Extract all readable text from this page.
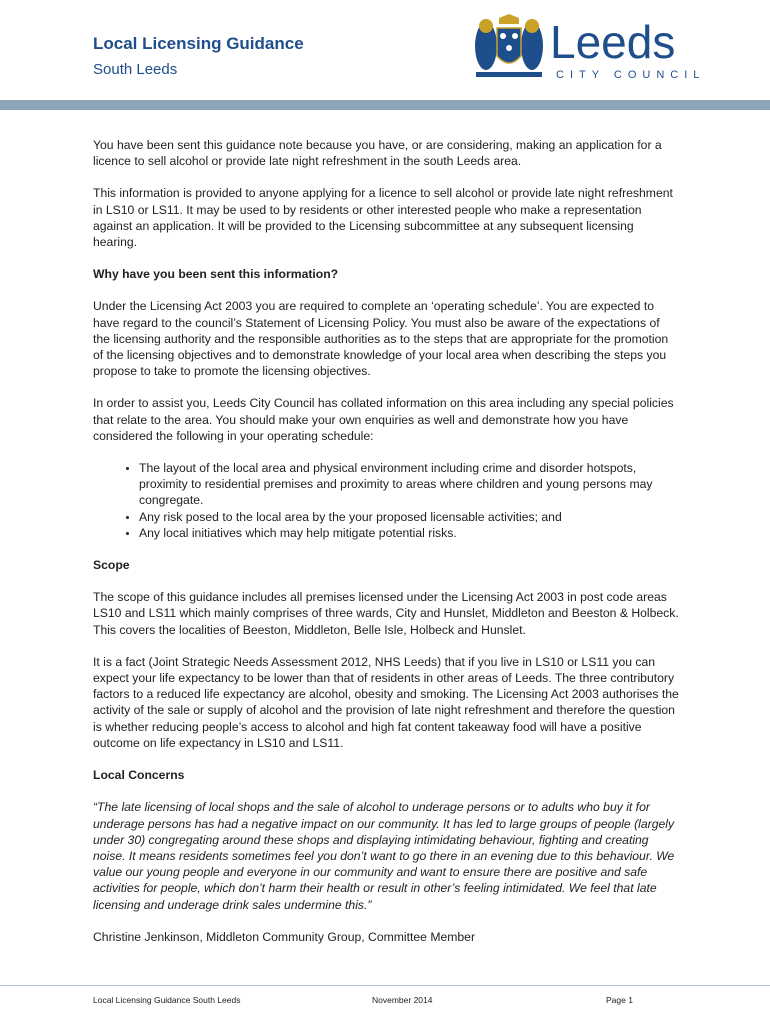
Local Licensing Guidance
South Leeds
Leeds
CITY COUNCIL

You have been sent this guidance note because you have, or are considering, making an application for a licence to sell alcohol or provide late night refreshment in the south Leeds area.

This information is provided to anyone applying for a licence to sell alcohol or provide late night refreshment in LS10 or LS11. It may be used to by residents or other interested people who make a representation against an application. It will be provided to the Licensing subcommittee at any subsequent licensing hearing.

Why have you been sent this information?

Under the Licensing Act 2003 you are required to complete an ‘operating schedule’. You are expected to have regard to the council’s Statement of Licensing Policy. You must also be aware of the expectations of the licensing authority and the responsible authorities as to the steps that are appropriate for the promotion of the licensing objectives and to demonstrate knowledge of your local area when describing the steps you propose to take to promote the licensing objectives.

In order to assist you, Leeds City Council has collated information on this area including any special policies that relate to the area. You should make your own enquiries as well and demonstrate how you have considered the following in your operating schedule:

• The layout of the local area and physical environment including crime and disorder hotspots, proximity to residential premises and proximity to areas where children and young persons may congregate.
• Any risk posed to the local area by the your proposed licensable activities; and
• Any local initiatives which may help mitigate potential risks.
Scope

The scope of this guidance includes all premises licensed under the Licensing Act 2003 in post code areas LS10 and LS11 which mainly comprises of three wards, City and Hunslet, Middleton and Beeston & Holbeck. This covers the localities of Beeston, Middleton, Belle Isle, Holbeck and Hunslet.

It is a fact (Joint Strategic Needs Assessment 2012, NHS Leeds) that if you live in LS10 or LS11 you can expect your life expectancy to be lower than that of residents in other areas of Leeds. The three contributory factors to a reduced life expectancy are alcohol, obesity and smoking. The Licensing Act 2003 authorises the activity of the sale or supply of alcohol and the provision of late night refreshment and therefore the question is whether reducing people’s access to alcohol and high fat content takeaway food will have a positive outcome on life expectancy in LS10 and LS11.

Local Concerns

“The late licensing of local shops and the sale of alcohol to underage persons or to adults who buy it for underage persons has had a negative impact on our community. It has led to large groups of people (largely under 30) congregating around these shops and displaying intimidating behaviour, fighting and creating noise. It means residents sometimes feel you don’t want to go there in an evening due to this behaviour. We value our young people and everyone in our community and want to ensure there are positive and safe activities for people, which don’t harm their health or result in other’s feeling intimidated. We feel that late licensing and underage drink sales undermine this.”

Christine Jenkinson, Middleton Community Group, Committee Member

Local Licensing Guidance South Leeds	November 2014	Page 1
